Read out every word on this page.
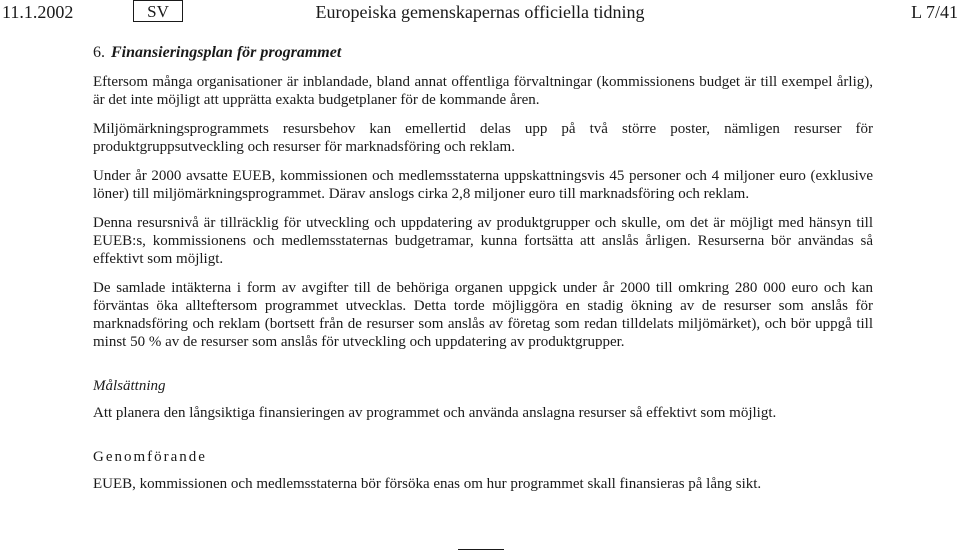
11.1.2002	SV	Europeiska gemenskapernas officiella tidning	L 7/41
6. Finansieringsplan för programmet

Eftersom många organisationer är inblandade, bland annat offentliga förvaltningar (kommissionens budget är till exempel årlig), är det inte möjligt att upprätta exakta budgetplaner för de kommande åren.

Miljömärkningsprogrammets resursbehov kan emellertid delas upp på två större poster, nämligen resurser för produktgruppsutveckling och resurser för marknadsföring och reklam.

Under år 2000 avsatte EUEB, kommissionen och medlemsstaterna uppskattningsvis 45 personer och 4 miljoner euro (exklusive löner) till miljömärkningsprogrammet. Därav anslogs cirka 2,8 miljoner euro till marknadsföring och reklam.

Denna resursnivå är tillräcklig för utveckling och uppdatering av produktgrupper och skulle, om det är möjligt med hänsyn till EUEB:s, kommissionens och medlemsstaternas budgetramar, kunna fortsätta att anslås årligen. Resurserna bör användas så effektivt som möjligt.

De samlade intäkterna i form av avgifter till de behöriga organen uppgick under år 2000 till omkring 280 000 euro och kan förväntas öka allteftersom programmet utvecklas. Detta torde möjliggöra en stadig ökning av de resurser som anslås för marknadsföring och reklam (bortsett från de resurser som anslås av företag som redan tilldelats miljömärket), och bör uppgå till minst 50 % av de resurser som anslås för utveckling och uppdatering av produktgrupper.

Målsättning

Att planera den långsiktiga finansieringen av programmet och använda anslagna resurser så effektivt som möjligt.

Genomförande

EUEB, kommissionen och medlemsstaterna bör försöka enas om hur programmet skall finansieras på lång sikt.
